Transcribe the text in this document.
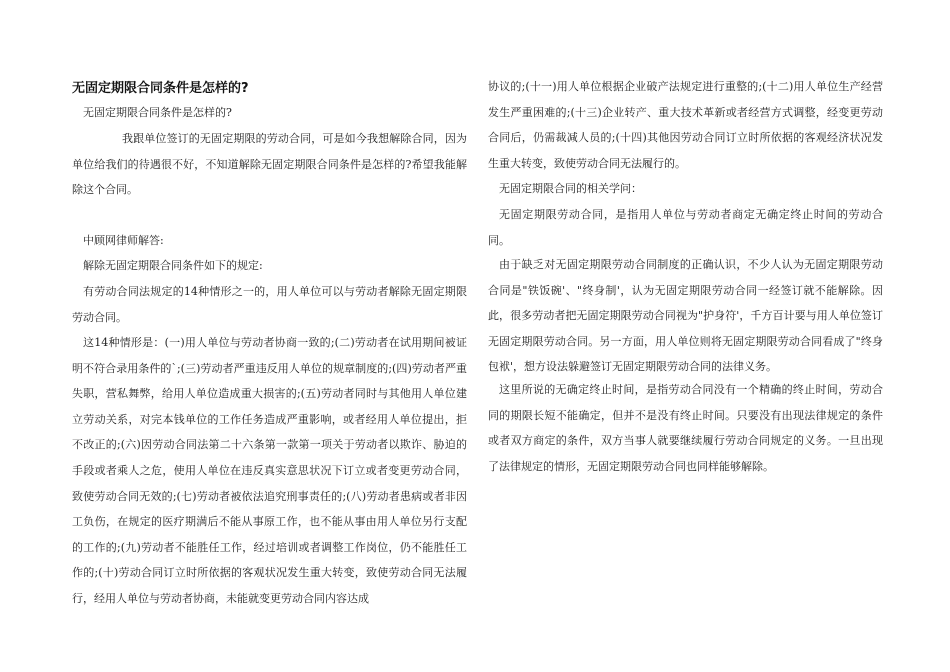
无固定期限合同条件是怎样的?

无固定期限合同条件是怎样的?

我跟单位签订的无固定期限的劳动合同，可是如今我想解除合同，因为单位给我们的待遇很不好，不知道解除无固定期限合同条件是怎样的?希望我能解除这个合同。

中顾网律师解答:

解除无固定期限合同条件如下的规定:

有劳动合同法规定的14种情形之一的，用人单位可以与劳动者解除无固定期限劳动合同。

这14种情形是：(一)用人单位与劳动者协商一致的;(二)劳动者在试用期间被证明不符合录用条件的`;(三)劳动者严重违反用人单位的规章制度的;(四)劳动者严重失职，营私舞弊，给用人单位造成重大损害的;(五)劳动者同时与其他用人单位建立劳动关系，对完本钱单位的工作任务造成严重影响，或者经用人单位提出，拒不改正的;(六)因劳动合同法第二十六条第一款第一项关于劳动者以欺诈、胁迫的手段或者乘人之危，使用人单位在违反真实意思状况下订立或者变更劳动合同，致使劳动合同无效的;(七)劳动者被依法追究刑事责任的;(八)劳动者患病或者非因工负伤，在规定的医疗期满后不能从事原工作，也不能从事由用人单位另行支配的工作的;(九)劳动者不能胜任工作，经过培训或者调整工作岗位，仍不能胜任工作的;(十)劳动合同订立时所依据的客观状况发生重大转变，致使劳动合同无法履行，经用人单位与劳动者协商，未能就变更劳动合同内容达成

协议的;(十一)用人单位根据企业破产法规定进行重整的;(十二)用人单位生产经营发生严重困难的;(十三)企业转产、重大技术革新或者经营方式调整，经变更劳动合同后，仍需裁减人员的;(十四)其他因劳动合同订立时所依据的客观经济状况发生重大转变，致使劳动合同无法履行的。

无固定期限合同的相关学问：

无固定期限劳动合同，是指用人单位与劳动者商定无确定终止时间的劳动合同。

由于缺乏对无固定期限劳动合同制度的正确认识，不少人认为无固定期限劳动合同是"铁饭碗'、"终身制'，认为无固定期限劳动合同一经签订就不能解除。因此，很多劳动者把无固定期限劳动合同视为"护身符'，千方百计要与用人单位签订无固定期限劳动合同。另一方面，用人单位则将无固定期限劳动合同看成了"终身包袱'，想方设法躲避签订无固定期限劳动合同的法律义务。

这里所说的无确定终止时间，是指劳动合同没有一个精确的终止时间，劳动合同的期限长短不能确定，但并不是没有终止时间。只要没有出现法律规定的条件或者双方商定的条件，双方当事人就要继续履行劳动合同规定的义务。一旦出现了法律规定的情形，无固定期限劳动合同也同样能够解除。
